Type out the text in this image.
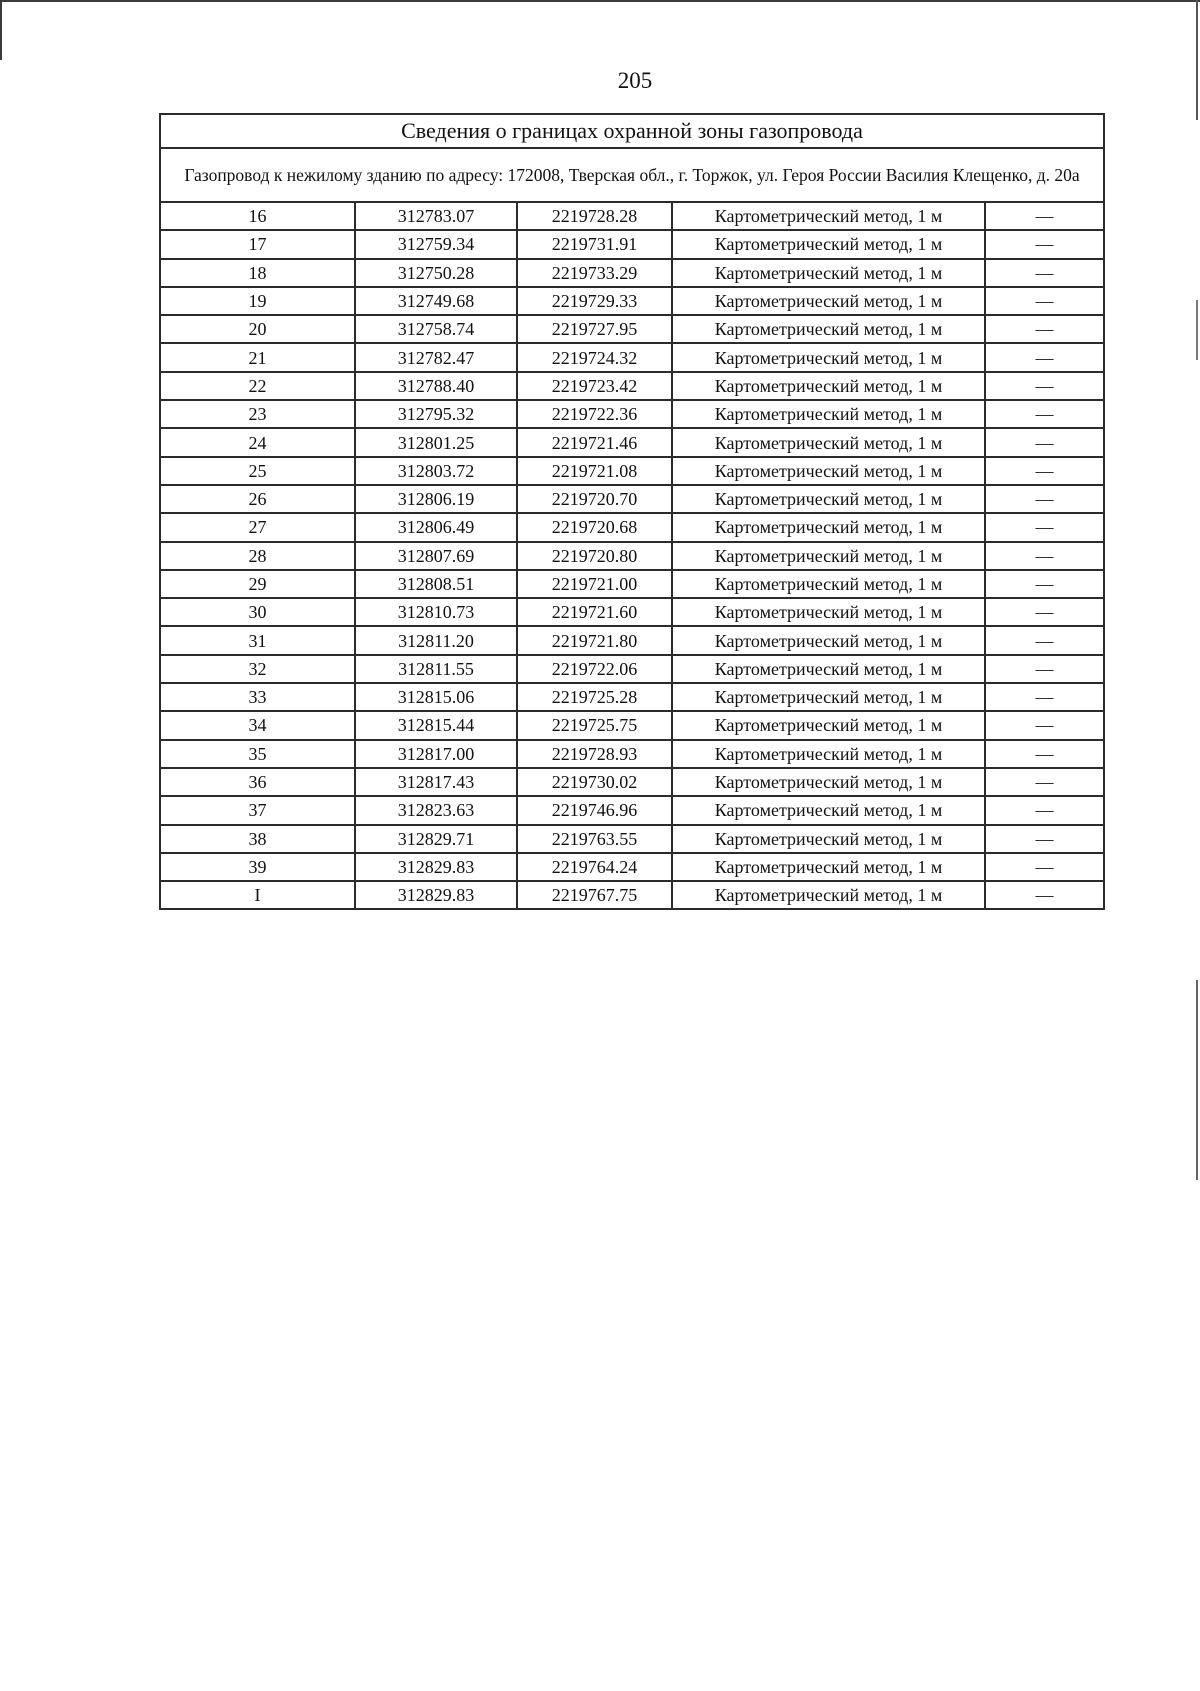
205
Сведения о границах охранной зоны газопровода				
Газопровод к нежилому зданию по адресу: 172008, Тверская обл., г. Торжок, ул. Героя России Василия Клещенко, д. 20а				
16	312783.07	2219728.28	Картометрический метод, 1 м	—
17	312759.34	2219731.91	Картометрический метод, 1 м	—
18	312750.28	2219733.29	Картометрический метод, 1 м	—
19	312749.68	2219729.33	Картометрический метод, 1 м	—
20	312758.74	2219727.95	Картометрический метод, 1 м	—
21	312782.47	2219724.32	Картометрический метод, 1 м	—
22	312788.40	2219723.42	Картометрический метод, 1 м	—
23	312795.32	2219722.36	Картометрический метод, 1 м	—
24	312801.25	2219721.46	Картометрический метод, 1 м	—
25	312803.72	2219721.08	Картометрический метод, 1 м	—
26	312806.19	2219720.70	Картометрический метод, 1 м	—
27	312806.49	2219720.68	Картометрический метод, 1 м	—
28	312807.69	2219720.80	Картометрический метод, 1 м	—
29	312808.51	2219721.00	Картометрический метод, 1 м	—
30	312810.73	2219721.60	Картометрический метод, 1 м	—
31	312811.20	2219721.80	Картометрический метод, 1 м	—
32	312811.55	2219722.06	Картометрический метод, 1 м	—
33	312815.06	2219725.28	Картометрический метод, 1 м	—
34	312815.44	2219725.75	Картометрический метод, 1 м	—
35	312817.00	2219728.93	Картометрический метод, 1 м	—
36	312817.43	2219730.02	Картометрический метод, 1 м	—
37	312823.63	2219746.96	Картометрический метод, 1 м	—
38	312829.71	2219763.55	Картометрический метод, 1 м	—
39	312829.83	2219764.24	Картометрический метод, 1 м	—
I	312829.83	2219767.75	Картометрический метод, 1 м	—
